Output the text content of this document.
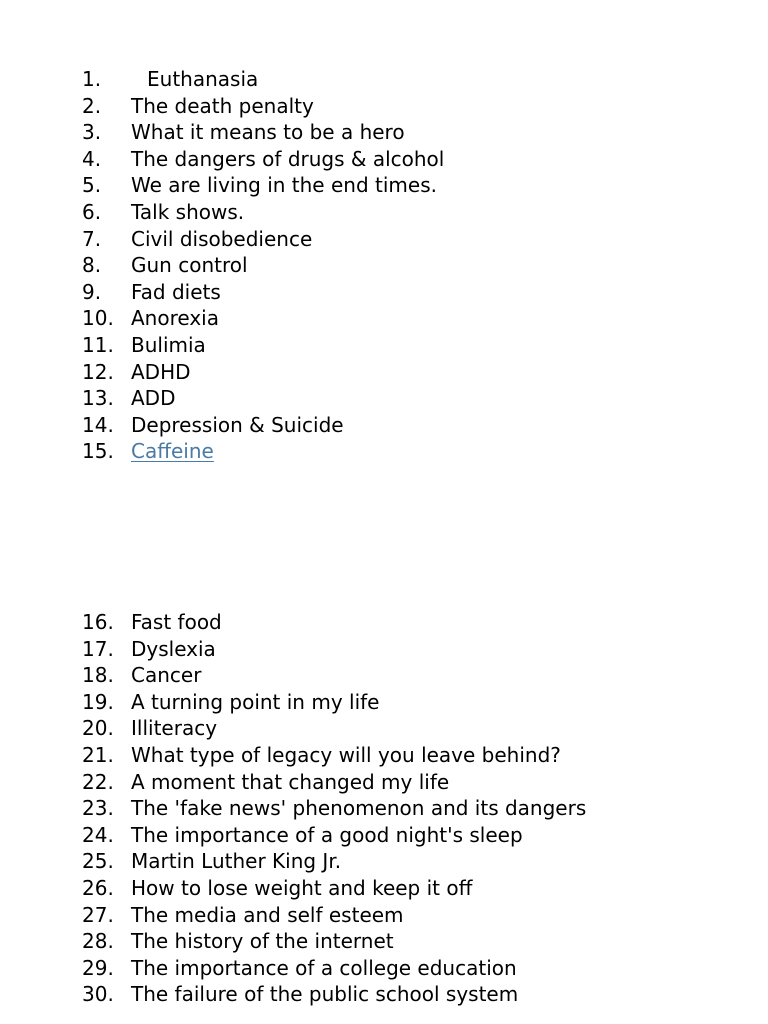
1.	Euthanasia
2.	The death penalty
3.	What it means to be a hero
4.	The dangers of drugs & alcohol
5.	We are living in the end times.
6.	Talk shows.
7.	Civil disobedience
8.	Gun control
9.	Fad diets
10. Anorexia
11. Bulimia
12. ADHD
13. ADD
14. Depression & Suicide
15. Caffeine
16. Fast food
17. Dyslexia
18. Cancer
19. A turning point in my life
20. Illiteracy
21. What type of legacy will you leave behind?
22. A moment that changed my life
23. The 'fake news' phenomenon and its dangers
24. The importance of a good night's sleep
25. Martin Luther King Jr.
26. How to lose weight and keep it off
27. The media and self esteem
28. The history of the internet
29. The importance of a college education
30. The failure of the public school system
